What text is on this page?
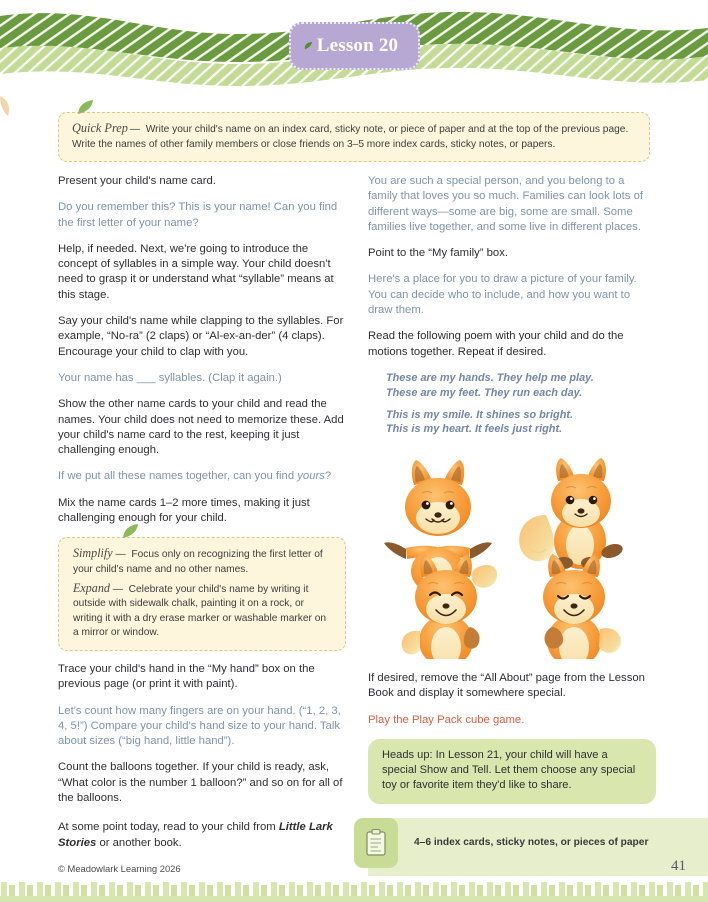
Lesson 20
Quick Prep — Write your child's name on an index card, sticky note, or piece of paper and at the top of the previous page. Write the names of other family members or close friends on 3–5 more index cards, sticky notes, or papers.

Present your child's name card.

Do you remember this? This is your name! Can you find the first letter of your name?

Help, if needed. Next, we're going to introduce the concept of syllables in a simple way. Your child doesn't need to grasp it or understand what “syllable” means at this stage.

Say your child's name while clapping to the syllables. For example, “No-ra” (2 claps) or “Al-ex-an-der” (4 claps). Encourage your child to clap with you.

Your name has ___ syllables. (Clap it again.)

Show the other name cards to your child and read the names. Your child does not need to memorize these. Add your child's name card to the rest, keeping it just challenging enough.

If we put all these names together, can you find yours?

Mix the name cards 1–2 more times, making it just challenging enough for your child.

Simplify — Focus only on recognizing the first letter of your child's name and no other names.
Expand — Celebrate your child's name by writing it outside with sidewalk chalk, painting it on a rock, or writing it with a dry erase marker or washable marker on a mirror or window.

Trace your child's hand in the “My hand” box on the previous page (or print it with paint).

Let's count how many fingers are on your hand. (“1, 2, 3, 4, 5!”) Compare your child's hand size to your hand. Talk about sizes (“big hand, little hand”).

Count the balloons together. If your child is ready, ask, “What color is the number 1 balloon?” and so on for all of the balloons.

At some point today, read to your child from Little Lark Stories or another book.

You are such a special person, and you belong to a family that loves you so much. Families can look lots of different ways—some are big, some are small. Some families live together, and some live in different places.

Point to the “My family” box.

Here's a place for you to draw a picture of your family. You can decide who to include, and how you want to draw them.

Read the following poem with your child and do the motions together. Repeat if desired.

These are my hands. They help me play.
These are my feet. They run each day.
This is my smile. It shines so bright.
This is my heart. It feels just right.

If desired, remove the “All About” page from the Lesson Book and display it somewhere special.

Play the Play Pack cube game.

Heads up: In Lesson 21, your child will have a special Show and Tell. Let them choose any special toy or favorite item they'd like to share.
4–6 index cards, sticky notes, or pieces of paper
© Meadowlark Learning 2026	41
